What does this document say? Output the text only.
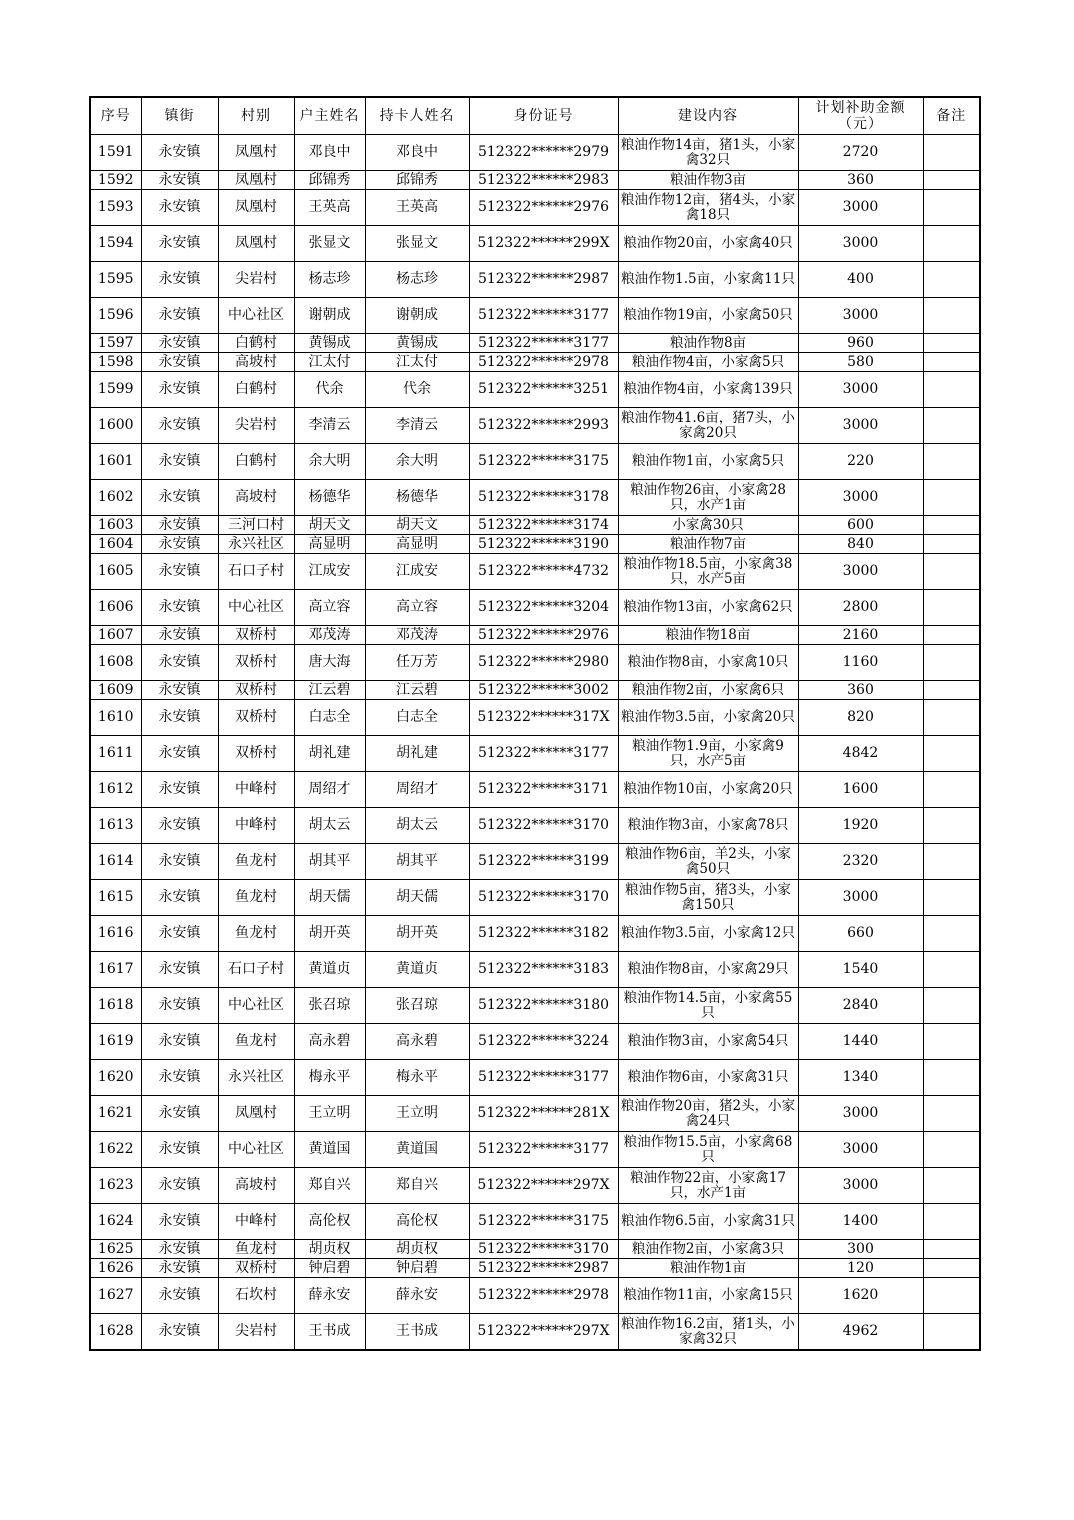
序号	镇街	村别	户主姓名	持卡人姓名	身份证号	建设内容	计划补助金额（元）	备注
1591	永安镇	凤凰村	邓良中	邓良中	512322******2979	粮油作物14亩，猪1头，小家禽32只	2720	
1592	永安镇	凤凰村	邱锦秀	邱锦秀	512322******2983	粮油作物3亩	360	
1593	永安镇	凤凰村	王英高	王英高	512322******2976	粮油作物12亩，猪4头，小家禽18只	3000	
1594	永安镇	凤凰村	张显文	张显文	512322******299X	粮油作物20亩，小家禽40只	3000	
1595	永安镇	尖岩村	杨志珍	杨志珍	512322******2987	粮油作物1.5亩，小家禽11只	400	
1596	永安镇	中心社区	谢朝成	谢朝成	512322******3177	粮油作物19亩，小家禽50只	3000	
1597	永安镇	白鹤村	黄锡成	黄锡成	512322******3177	粮油作物8亩	960	
1598	永安镇	高坡村	江太付	江太付	512322******2978	粮油作物4亩，小家禽5只	580	
1599	永安镇	白鹤村	代余	代余	512322******3251	粮油作物4亩，小家禽139只	3000	
1600	永安镇	尖岩村	李清云	李清云	512322******2993	粮油作物41.6亩，猪7头，小家禽20只	3000	
1601	永安镇	白鹤村	余大明	余大明	512322******3175	粮油作物1亩，小家禽5只	220	
1602	永安镇	高坡村	杨德华	杨德华	512322******3178	粮油作物26亩，小家禽28只，水产1亩	3000	
1603	永安镇	三河口村	胡天文	胡天文	512322******3174	小家禽30只	600	
1604	永安镇	永兴社区	高显明	高显明	512322******3190	粮油作物7亩	840	
1605	永安镇	石口子村	江成安	江成安	512322******4732	粮油作物18.5亩，小家禽38只，水产5亩	3000	
1606	永安镇	中心社区	高立容	高立容	512322******3204	粮油作物13亩，小家禽62只	2800	
1607	永安镇	双桥村	邓茂涛	邓茂涛	512322******2976	粮油作物18亩	2160	
1608	永安镇	双桥村	唐大海	任万芳	512322******2980	粮油作物8亩，小家禽10只	1160	
1609	永安镇	双桥村	江云碧	江云碧	512322******3002	粮油作物2亩，小家禽6只	360	
1610	永安镇	双桥村	白志全	白志全	512322******317X	粮油作物3.5亩，小家禽20只	820	
1611	永安镇	双桥村	胡礼建	胡礼建	512322******3177	粮油作物1.9亩，小家禽9只，水产5亩	4842	
1612	永安镇	中峰村	周绍才	周绍才	512322******3171	粮油作物10亩，小家禽20只	1600	
1613	永安镇	中峰村	胡太云	胡太云	512322******3170	粮油作物3亩，小家禽78只	1920	
1614	永安镇	鱼龙村	胡其平	胡其平	512322******3199	粮油作物6亩，羊2头，小家禽50只	2320	
1615	永安镇	鱼龙村	胡天儒	胡天儒	512322******3170	粮油作物5亩，猪3头，小家禽150只	3000	
1616	永安镇	鱼龙村	胡开英	胡开英	512322******3182	粮油作物3.5亩，小家禽12只	660	
1617	永安镇	石口子村	黄道贞	黄道贞	512322******3183	粮油作物8亩，小家禽29只	1540	
1618	永安镇	中心社区	张召琼	张召琼	512322******3180	粮油作物14.5亩，小家禽55只	2840	
1619	永安镇	鱼龙村	高永碧	高永碧	512322******3224	粮油作物3亩，小家禽54只	1440	
1620	永安镇	永兴社区	梅永平	梅永平	512322******3177	粮油作物6亩，小家禽31只	1340	
1621	永安镇	凤凰村	王立明	王立明	512322******281X	粮油作物20亩，猪2头，小家禽24只	3000	
1622	永安镇	中心社区	黄道国	黄道国	512322******3177	粮油作物15.5亩，小家禽68只	3000	
1623	永安镇	高坡村	郑自兴	郑自兴	512322******297X	粮油作物22亩，小家禽17只，水产1亩	3000	
1624	永安镇	中峰村	高伦权	高伦权	512322******3175	粮油作物6.5亩，小家禽31只	1400	
1625	永安镇	鱼龙村	胡贞权	胡贞权	512322******3170	粮油作物2亩，小家禽3只	300	
1626	永安镇	双桥村	钟启碧	钟启碧	512322******2987	粮油作物1亩	120	
1627	永安镇	石坎村	薛永安	薛永安	512322******2978	粮油作物11亩，小家禽15只	1620	
1628	永安镇	尖岩村	王书成	王书成	512322******297X	粮油作物16.2亩，猪1头，小家禽32只	4962	
